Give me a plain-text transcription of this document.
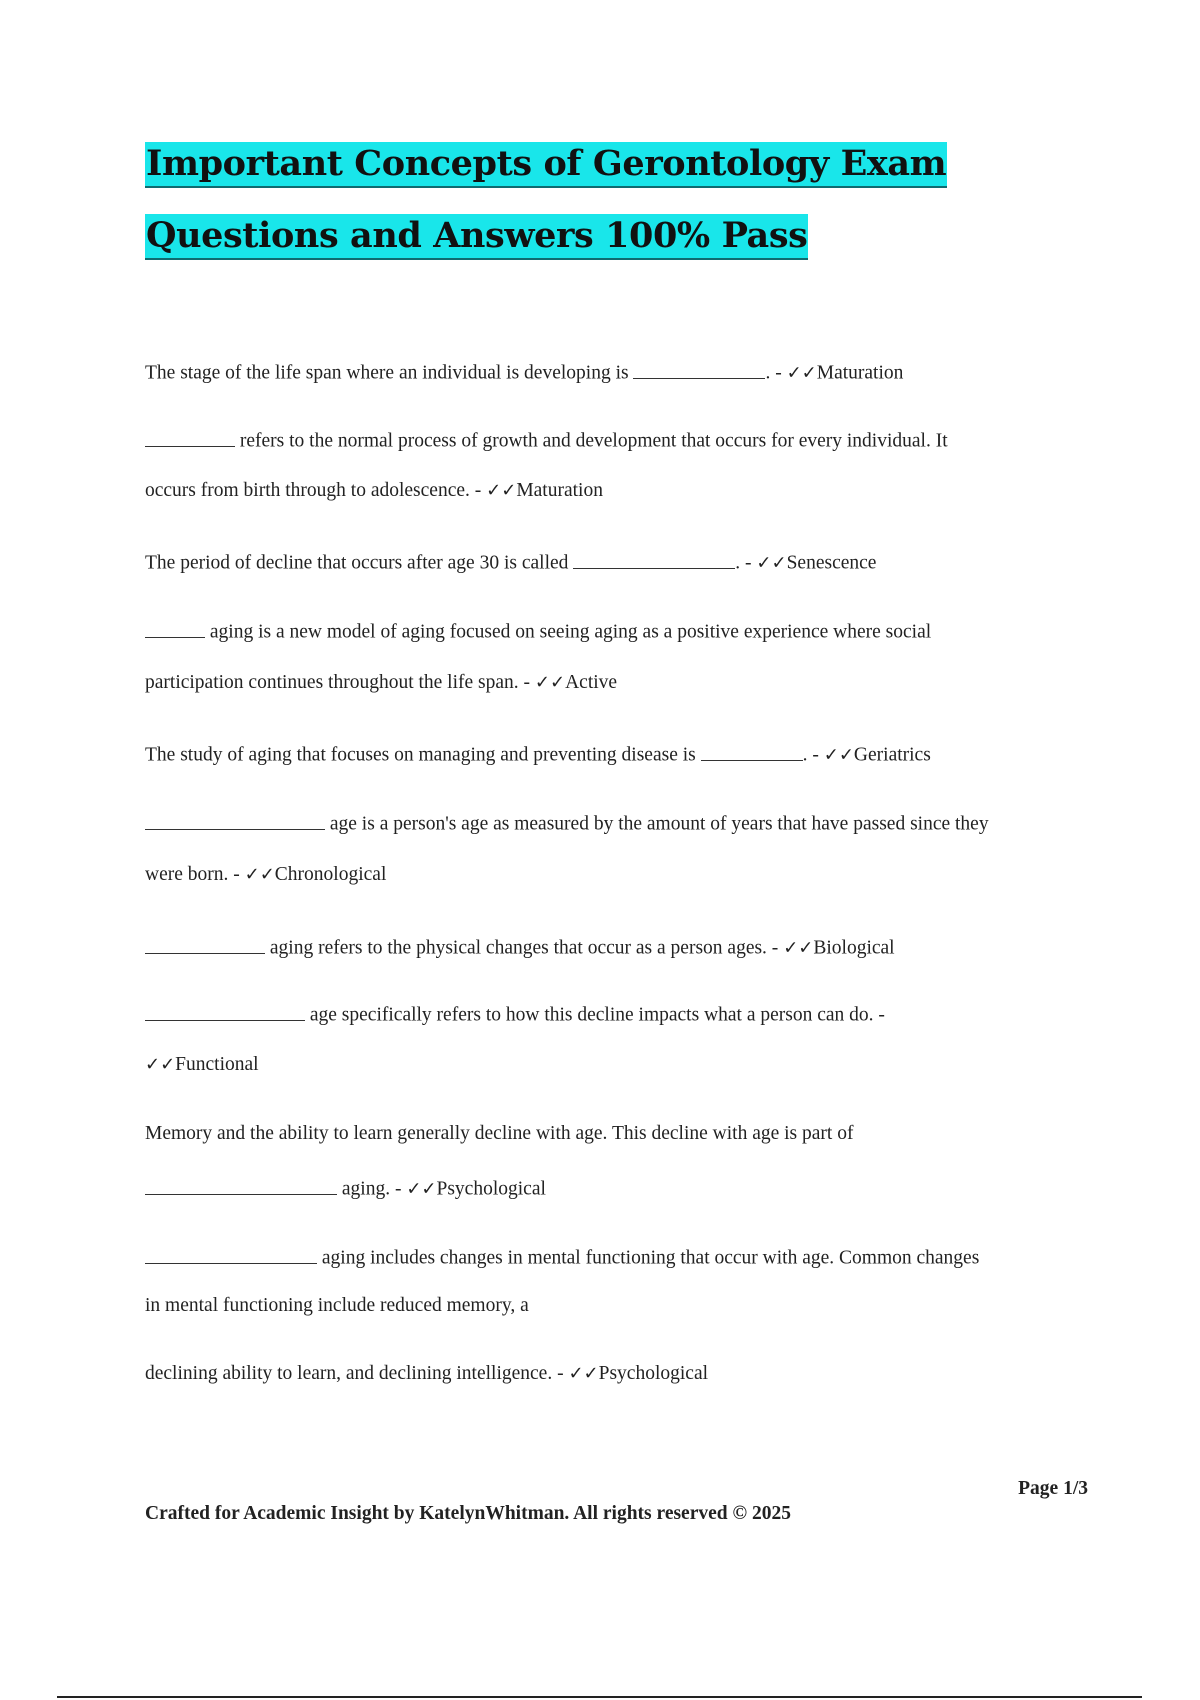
Important Concepts of Gerontology Exam
Questions and Answers 100% Pass
The stage of the life span where an individual is developing is	. - ✓✓Maturation
refers to the normal process of growth and development that occurs for every individual. It
occurs from birth through to adolescence. - ✓✓Maturation
The period of decline that occurs after age 30 is called	. - ✓✓Senescence
aging is a new model of aging focused on seeing aging as a positive experience where social
participation continues throughout the life span. - ✓✓Active
The study of aging that focuses on managing and preventing disease is	. - ✓✓Geriatrics
age is a person's age as measured by the amount of years that have passed since they
were born. - ✓✓Chronological
aging refers to the physical changes that occur as a person ages. - ✓✓Biological
age specifically refers to how this decline impacts what a person can do. -
✓✓Functional
Memory and the ability to learn generally decline with age. This decline with age is part of
aging. - ✓✓Psychological
aging includes changes in mental functioning that occur with age. Common changes
in mental functioning include reduced memory, a
declining ability to learn, and declining intelligence. - ✓✓Psychological
Page 1/3
Crafted for Academic Insight by KatelynWhitman. All rights reserved © 2025
